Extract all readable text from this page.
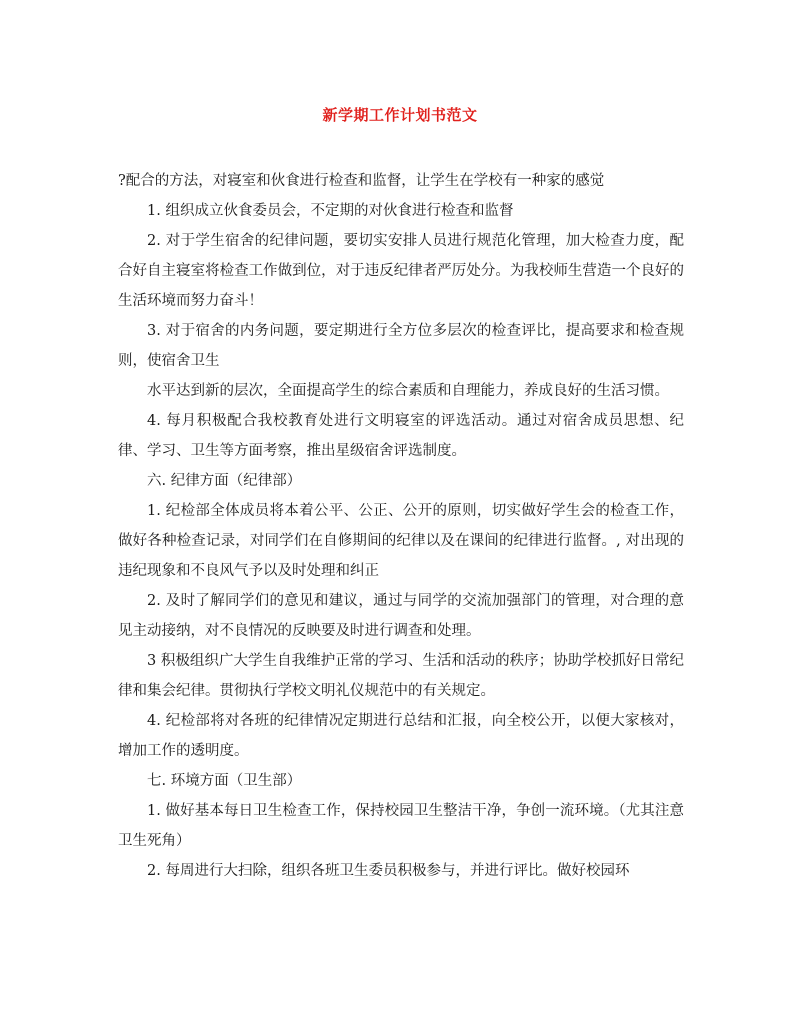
新学期工作计划书范文

?配合的方法，对寝室和伙食进行检查和监督，让学生在学校有一种家的感觉

1. 组织成立伙食委员会，不定期的对伙食进行检查和监督

2. 对于学生宿舍的纪律问题，要切实安排人员进行规范化管理，加大检查力度，配合好自主寝室将检查工作做到位，对于违反纪律者严厉处分。为我校师生营造一个良好的生活环境而努力奋斗！

3. 对于宿舍的内务问题，要定期进行全方位多层次的检查评比，提高要求和检查规则，使宿舍卫生

水平达到新的层次，全面提高学生的综合素质和自理能力，养成良好的生活习惯。

4. 每月积极配合我校教育处进行文明寝室的评选活动。通过对宿舍成员思想、纪律、学习、卫生等方面考察，推出星级宿舍评选制度。

六. 纪律方面（纪律部）

1. 纪检部全体成员将本着公平、公正、公开的原则，切实做好学生会的检查工作，做好各种检查记录，对同学们在自修期间的纪律以及在课间的纪律进行监督。, 对出现的违纪现象和不良风气予以及时处理和纠正

2. 及时了解同学们的意见和建议，通过与同学的交流加强部门的管理，对合理的意见主动接纳，对不良情况的反映要及时进行调查和处理。

3 积极组织广大学生自我维护正常的学习、生活和活动的秩序；协助学校抓好日常纪律和集会纪律。贯彻执行学校文明礼仪规范中的有关规定。

4. 纪检部将对各班的纪律情况定期进行总结和汇报，向全校公开，以便大家核对，增加工作的透明度。

七. 环境方面（卫生部）

1. 做好基本每日卫生检查工作，保持校园卫生整洁干净，争创一流环境。（尤其注意卫生死角）

2. 每周进行大扫除，组织各班卫生委员积极参与，并进行评比。做好校园环
